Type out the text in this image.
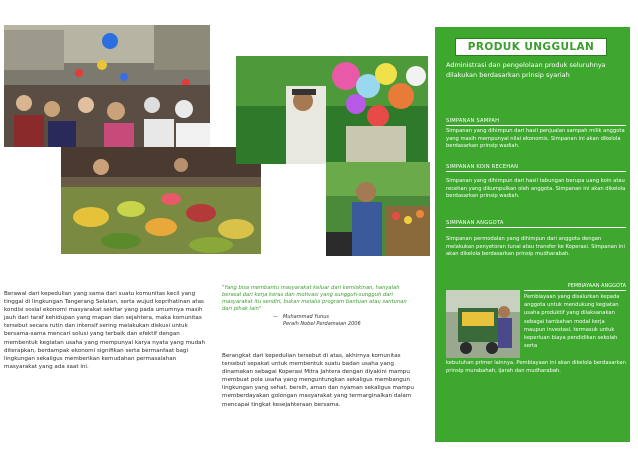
Berawal dari kepedulian yang sama dari suatu komunitas kecil yang tinggal di lingkungan Tangerang Selatan, serta wujud keprihatinan atas kondisi sosial ekonomi masyarakat sekitar yang pada umumnya masih jauh dari taraf kehidupan yang mapan dan sejahtera, maka komunitas tersebut secara rutin dan intensif sering melakukan diskusi untuk bersama-sama mencari solusi yang terbaik dan efektif dengan membentuk kegiatan usaha yang mempunyai karya nyata yang mudah diterapkan, berdampak ekonomi signifikan serta bermanfaat bagi lingkungan sekaligus memberikan kemudahan permasalahan masyarakat yang ada saat ini.
"Yang bisa membantu masyarakat keluar dari kemiskinan, hanyalah berasal dari kerja keras dan motivasi yang sungguh-sungguh dari masyarakat itu sendiri, bukan melalui program bantuan atau santunan dari pihak lain"
— Muhammad Yunus
Peraih Nobel Perdamaian 2006
Berangkat dari kepedulian tersebut di atas, akhirnya komunitas tersebut sepakat untuk membentuk suatu badan usaha yang dinamakan sebagai Koperasi Mitra Jahtera dengan diyakini mampu membuat pola usaha yang menguntungkan sekaligus membangun lingkungan yang sehat, bersih, aman dan nyaman sekaligus mampu memberdayakan golongan masyarakat yang termarginalkan dalam mencapai tingkat kesejahteraan bersama.
PRODUK UNGGULAN
Administrasi dan pengelolaan produk seluruhnya dilakukan berdasarkan prinsip syariah
SIMPANAN SAMPAH
Simpanan yang dihimpun dari hasil penjualan sampah milik anggota yang masih mempunyai nilai ekonomis. Simpanan ini akan dikelola berdasarkan prinsip wadiah.
SIMPANAN KOIN RECEHAN
Simpanan yang dihimpun dari hasil tabungan berupa uang koin atau recehan yang dikumpulkan oleh anggota. Simpanan ini akan dikelola berdasarkan prinsip wadiah.
SIMPANAN ANGGOTA
Simpanan permodalan yang dihimpun dari anggota dengan melakukan penyetoran tunai atau transfer ke Koperasi. Simpanan ini akan dikelola berdasarkan prinsip mudharabah.
PEMBIAYAAN ANGGOTA
Pembiayaan yang disalurkan kepada anggota untuk mendukung kegiatan usaha produktif yang dilaksanakan sebagai tambahan modal kerja maupun investasi, termasuk untuk keperluan biaya pendidikan sekolah serta
kebutuhan primer lainnya. Pembiayaan ini akan dikelola berdasarkan prinsip murabahah, ijarah dan mudharabah.
